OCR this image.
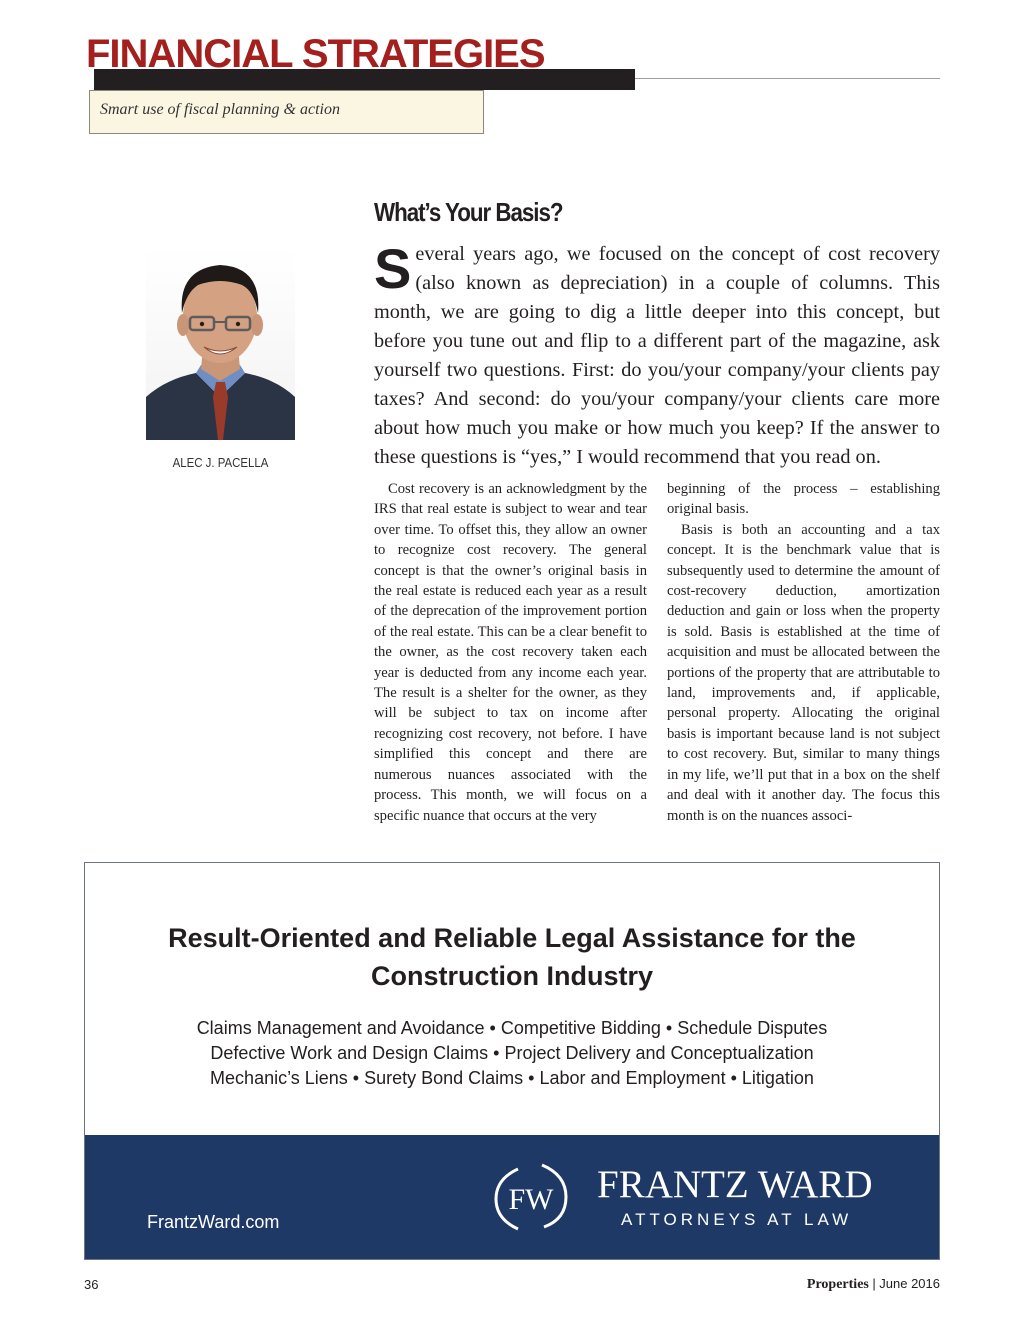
FINANCIAL STRATEGIES
Smart use of fiscal planning & action
ALEC J. PACELLA
What’s Your Basis?
Several years ago, we focused on the concept of cost recovery (also known as depreciation) in a couple of columns. This month, we are going to dig a little deeper into this concept, but before you tune out and flip to a different part of the magazine, ask yourself two questions. First: do you/your company/your clients pay taxes? And second: do you/your company/your clients care more about how much you make or how much you keep? If the answer to these questions is “yes,” I would recommend that you read on.

Cost recovery is an acknowledgment by the IRS that real estate is subject to wear and tear over time. To offset this, they allow an owner to recognize cost recovery. The general concept is that the owner’s original basis in the real estate is reduced each year as a result of the deprecation of the improvement portion of the real estate. This can be a clear benefit to the owner, as the cost recovery taken each year is deducted from any income each year. The result is a shelter for the owner, as they will be subject to tax on income after recognizing cost recovery, not before. I have simplified this concept and there are numerous nuances associated with the process. This month, we will focus on a specific nuance that occurs at the very

beginning of the process – establishing original basis.

Basis is both an accounting and a tax concept. It is the benchmark value that is subsequently used to determine the amount of cost-recovery deduction, amortization deduction and gain or loss when the property is sold. Basis is established at the time of acquisition and must be allocated between the portions of the property that are attributable to land, improvements and, if applicable, personal property. Allocating the original basis is important because land is not subject to cost recovery. But, similar to many things in my life, we’ll put that in a box on the shelf and deal with it another day. The focus this month is on the nuances associ-

Result-Oriented and Reliable Legal Assistance for the
Construction Industry
Claims Management and Avoidance • Competitive Bidding • Schedule Disputes
Defective Work and Design Claims • Project Delivery and Conceptualization
Mechanic’s Liens • Surety Bond Claims • Labor and Employment • Litigation
FrantzWard.com
FW FRANTZ WARD
ATTORNEYS AT LAW
36	Properties | June 2016
